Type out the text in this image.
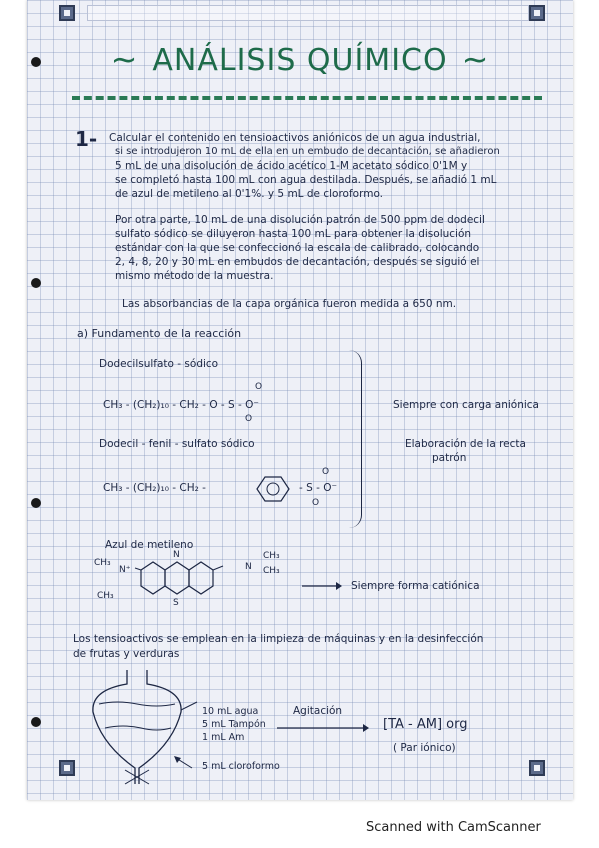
~ ANÁLISIS QUÍMICO ~
1- Calcular el contenido en tensioactivos aniónicos de un agua industrial,
si se introdujeron 10 mL de ella en un embudo de decantación, se añadieron
5 mL de una disolución de ácido acético 1-M acetato sódico 0'1M y
se completó hasta 100 mL con agua destilada. Después, se añadió 1 mL
de azul de metileno al 0'1%. y 5 mL de cloroformo.
Por otra parte, 10 mL de una disolución patrón de 500 ppm de dodecil
sulfato sódico se diluyeron hasta 100 mL para obtener la disolución
estándar con la que se confeccionó la escala de calibrado, colocando
2, 4, 8, 20 y 30 mL en embudos de decantación, después se siguió el
mismo método de la muestra.
Las absorbancias de la capa orgánica fueron medida a 650 nm.
a) Fundamento de la reacción
Dodecilsulfato - sódico
CH₃ - (CH₂)₁₀ - CH₂ - O - S - O⁻
O
O
Siempre con carga aniónica
Dodecil - fenil - sulfato sódico	Elaboración de la recta
patrón
CH₃ - (CH₂)₁₀ - CH₂ -	- S - O⁻
O
O
Azul de metileno
CH₃
N⁺
CH₃
N
S
N
CH₃
CH₃
Siempre forma catiónica
Los tensioactivos se emplean en la limpieza de máquinas y en la desinfección
de frutas y verduras
10 mL agua
5 mL Tampón
1 mL Am
5 mL cloroformo
Agitación
[TA - AM] org
( Par iónico)
Scanned with CamScanner
